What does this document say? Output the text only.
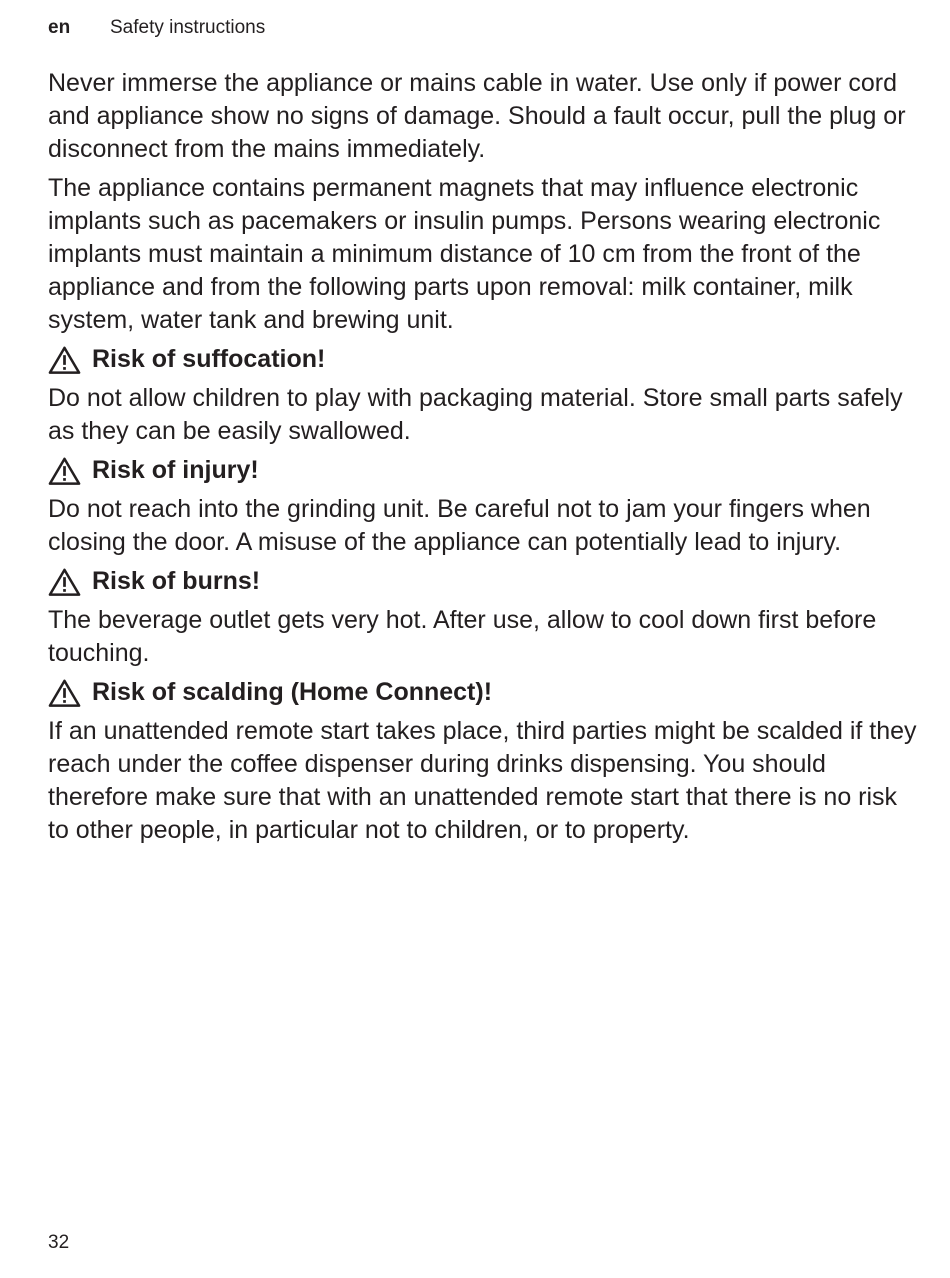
en Safety instructions

Never immerse the appliance or mains cable in water. Use only if power cord and appliance show no signs of damage. Should a fault occur, pull the plug or disconnect from the mains immediately.

The appliance contains permanent magnets that may influence electronic implants such as pacemakers or insulin pumps. Persons wearing electronic implants must maintain a minimum distance of 10 cm from the front of the appliance and from the following parts upon removal: milk container, milk system, water tank and brewing unit.

Risk of suffocation!

Do not allow children to play with packaging material. Store small parts safely as they can be easily swallowed.

Risk of injury!

Do not reach into the grinding unit. Be careful not to jam your fingers when closing the door. A misuse of the appliance can potentially lead to injury.

Risk of burns!

The beverage outlet gets very hot. After use, allow to cool down first before touching.

Risk of scalding (Home Connect)!

If an unattended remote start takes place, third parties might be scalded if they reach under the coffee dispenser during drinks dispensing. You should therefore make sure that with an unattended remote start that there is no risk to other people, in particular not to children, or to property.

32
